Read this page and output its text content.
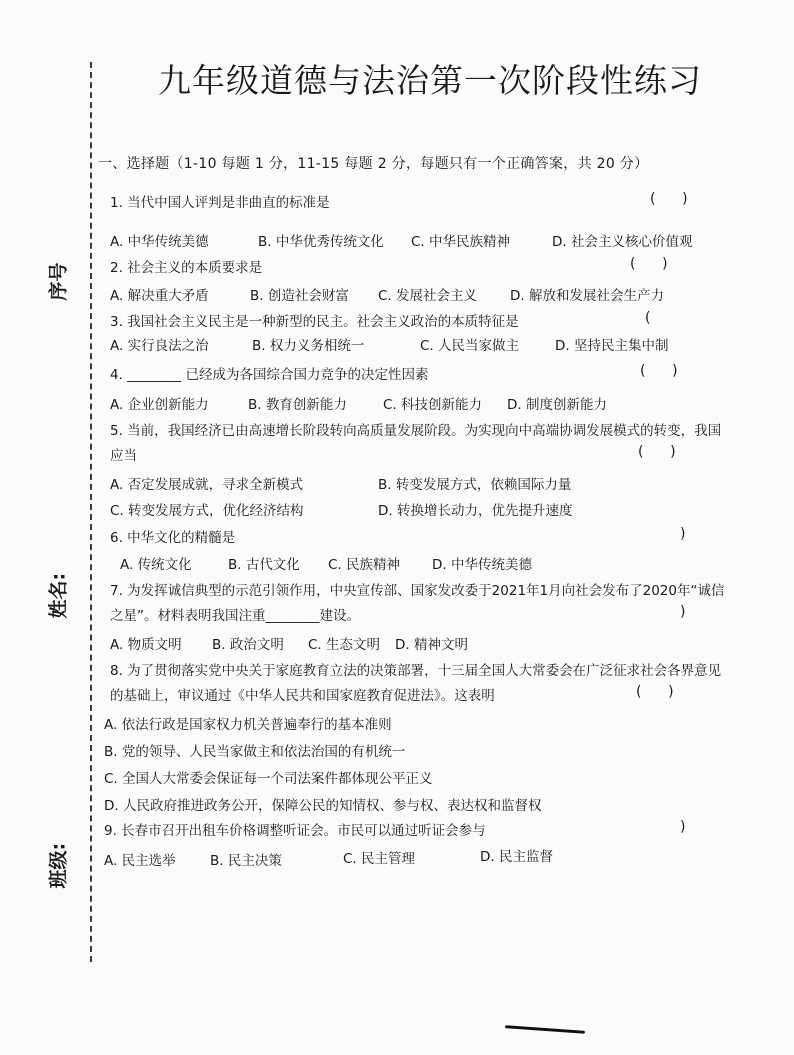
序号
姓名:
班级:
九年级道德与法治第一次阶段性练习
一、选择题（1-10 每题 1 分，11-15 每题 2 分，每题只有一个正确答案，共 20 分）
1. 当代中国人评判是非曲直的标准是	(      )
A. 中华传统美德	B. 中华优秀传统文化 C. 中华民族精神	D. 社会主义核心价值观
2. 社会主义的本质要求是	(      )
A. 解决重大矛盾	B. 创造社会财富 C. 发展社会主义 D. 解放和发展社会生产力
3. 我国社会主义民主是一种新型的民主。社会主义政治的本质特征是	(
A. 实行良法之治	B. 权力义务相统一	C. 人民当家做主	D. 坚持民主集中制
4. ________ 已经成为各国综合国力竞争的决定性因素	(      )
A. 企业创新能力	B. 教育创新能力	C. 科技创新能力 D. 制度创新能力
5. 当前，我国经济已由高速增长阶段转向高质量发展阶段。为实现向中高端协调发展模式的转变，我国
应当	(      )
A. 否定发展成就，寻求全新模式	B. 转变发展方式，依赖国际力量
C. 转变发展方式，优化经济结构	D. 转换增长动力，优先提升速度
6. 中华文化的精髓是	)
A. 传统文化	B. 古代文化 C. 民族精神 D. 中华传统美德
7. 为发挥诚信典型的示范引领作用，中央宣传部、国家发改委于2021年1月向社会发布了2020年“诚信
之星”。材料表明我国注重________建设。	)
A. 物质文明 B. 政治文明 C. 生态文明 D. 精神文明
8. 为了贯彻落实党中央关于家庭教育立法的决策部署，十三届全国人大常委会在广泛征求社会各界意见
的基础上，审议通过《中华人民共和国家庭教育促进法》。这表明	(      )
A. 依法行政是国家权力机关普遍奉行的基本准则
B. 党的领导、人民当家做主和依法治国的有机统一
C. 全国人大常委会保证每一个司法案件都体现公平正义
D. 人民政府推进政务公开，保障公民的知情权、参与权、表达权和监督权
9. 长春市召开出租车价格调整听证会。市民可以通过听证会参与	)
A. 民主选举	B. 民主决策	C. 民主管理	D. 民主监督
